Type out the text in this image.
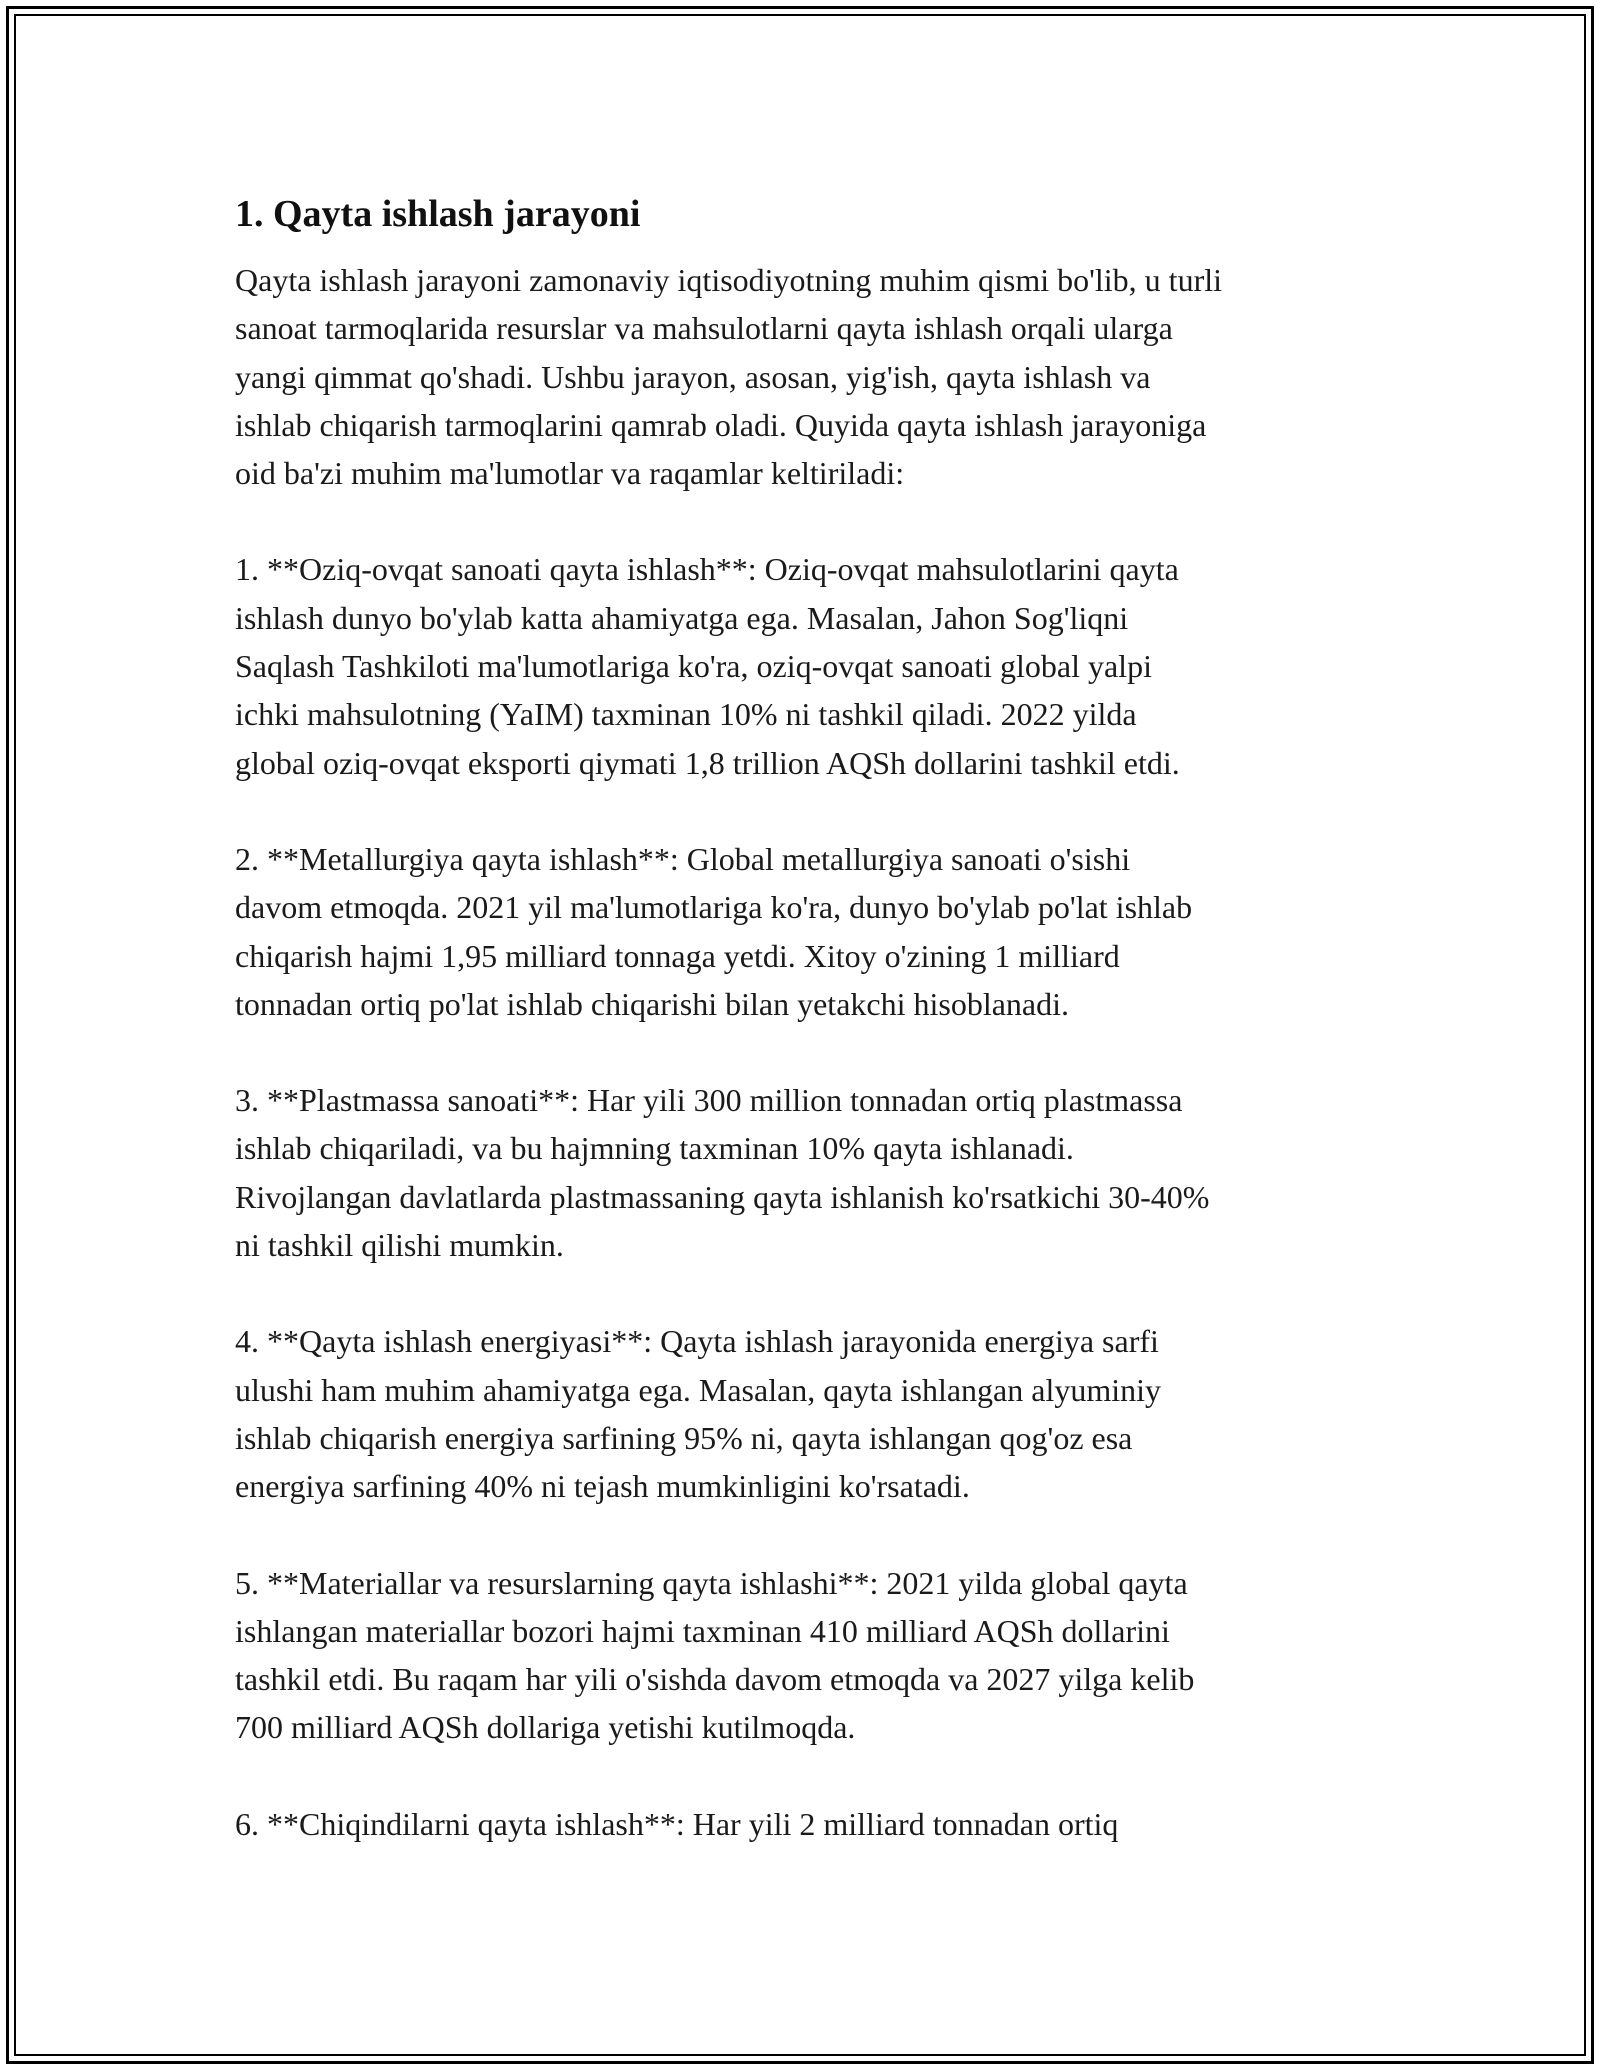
1. Qayta ishlash jarayoni

Qayta ishlash jarayoni zamonaviy iqtisodiyotning muhim qismi bo'lib, u turli
sanoat tarmoqlarida resurslar va mahsulotlarni qayta ishlash orqali ularga
yangi qimmat qo'shadi. Ushbu jarayon, asosan, yig'ish, qayta ishlash va
ishlab chiqarish tarmoqlarini qamrab oladi. Quyida qayta ishlash jarayoniga
oid ba'zi muhim ma'lumotlar va raqamlar keltiriladi:

1. **Oziq-ovqat sanoati qayta ishlash**: Oziq-ovqat mahsulotlarini qayta
ishlash dunyo bo'ylab katta ahamiyatga ega. Masalan, Jahon Sog'liqni
Saqlash Tashkiloti ma'lumotlariga ko'ra, oziq-ovqat sanoati global yalpi
ichki mahsulotning (YaIM) taxminan 10% ni tashkil qiladi. 2022 yilda
global oziq-ovqat eksporti qiymati 1,8 trillion AQSh dollarini tashkil etdi.

2. **Metallurgiya qayta ishlash**: Global metallurgiya sanoati o'sishi
davom etmoqda. 2021 yil ma'lumotlariga ko'ra, dunyo bo'ylab po'lat ishlab
chiqarish hajmi 1,95 milliard tonnaga yetdi. Xitoy o'zining 1 milliard
tonnadan ortiq po'lat ishlab chiqarishi bilan yetakchi hisoblanadi.

3. **Plastmassa sanoati**: Har yili 300 million tonnadan ortiq plastmassa
ishlab chiqariladi, va bu hajmning taxminan 10% qayta ishlanadi.
Rivojlangan davlatlarda plastmassaning qayta ishlanish ko'rsatkichi 30-40%
ni tashkil qilishi mumkin.

4. **Qayta ishlash energiyasi**: Qayta ishlash jarayonida energiya sarfi
ulushi ham muhim ahamiyatga ega. Masalan, qayta ishlangan alyuminiy
ishlab chiqarish energiya sarfining 95% ni, qayta ishlangan qog'oz esa
energiya sarfining 40% ni tejash mumkinligini ko'rsatadi.

5. **Materiallar va resurslarning qayta ishlashi**: 2021 yilda global qayta
ishlangan materiallar bozori hajmi taxminan 410 milliard AQSh dollarini
tashkil etdi. Bu raqam har yili o'sishda davom etmoqda va 2027 yilga kelib
700 milliard AQSh dollariga yetishi kutilmoqda.

6. **Chiqindilarni qayta ishlash**: Har yili 2 milliard tonnadan ortiq
